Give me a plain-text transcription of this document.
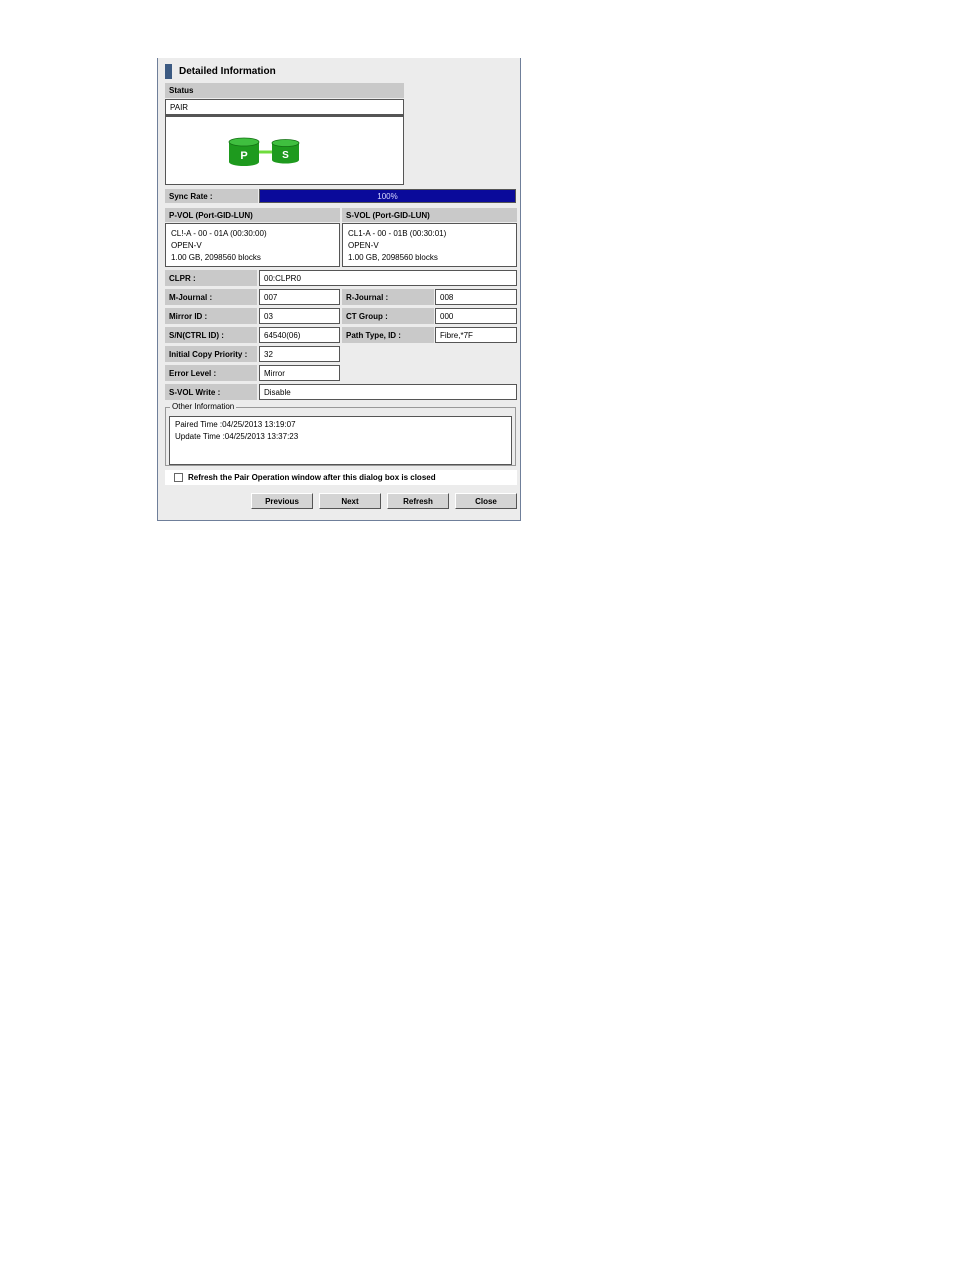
Detailed Information
Status
PAIR
P	S
Sync Rate :	100%
P-VOL (Port-GID-LUN)	S-VOL (Port-GID-LUN)
CL!-A - 00 - 01A (00:30:00)
OPEN-V
1.00 GB, 2098560 blocks
CL1-A - 00 - 01B (00:30:01)
OPEN-V
1.00 GB, 2098560 blocks
CLPR :	00:CLPR0
M-Journal :	007	R-Journal :	008
Mirror ID :	03	CT Group :	000
S/N(CTRL ID) :	64540(06)	Path Type, ID :	Fibre,*7F
Initial Copy Priority :	32
Error Level :	Mirror
S-VOL Write :	Disable
Paired Time :04/25/2013 13:19:07
Update Time :04/25/2013 13:37:23
Other Information
Refresh the Pair Operation window after this dialog box is closed
Previous	Next	Refresh	Close
